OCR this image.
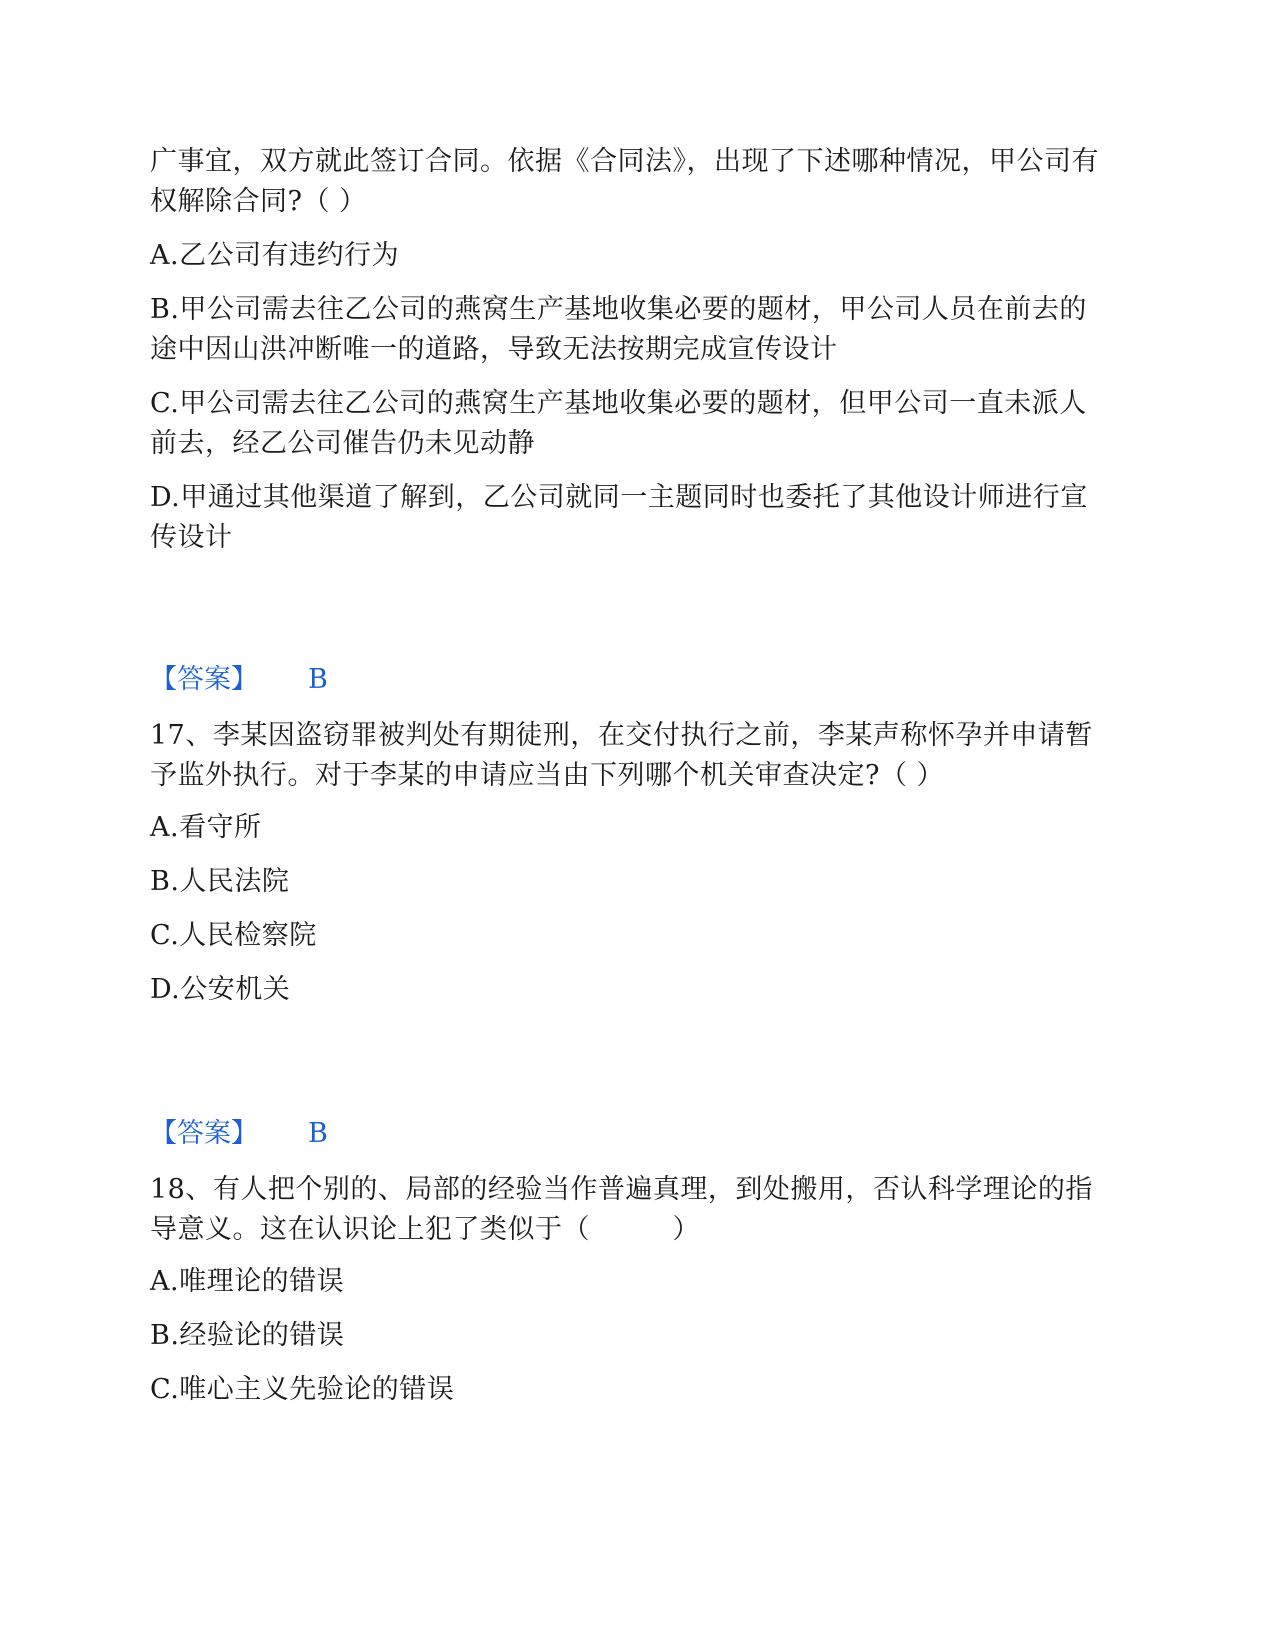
广事宜，双方就此签订合同。依据《合同法》，出现了下述哪种情况，甲公司有权解除合同?（ ）
A.乙公司有违约行为
B.甲公司需去往乙公司的燕窝生产基地收集必要的题材，甲公司人员在前去的途中因山洪冲断唯一的道路，导致无法按期完成宣传设计
C.甲公司需去往乙公司的燕窝生产基地收集必要的题材，但甲公司一直未派人前去，经乙公司催告仍未见动静
D.甲通过其他渠道了解到，乙公司就同一主题同时也委托了其他设计师进行宣传设计
【答案】 B
17、李某因盗窃罪被判处有期徒刑，在交付执行之前，李某声称怀孕并申请暂予监外执行。对于李某的申请应当由下列哪个机关审查决定?（ ）
A.看守所
B.人民法院
C.人民检察院
D.公安机关
【答案】 B
18、有人把个别的、局部的经验当作普遍真理，到处搬用，否认科学理论的指导意义。这在认识论上犯了类似于（　　　）
A.唯理论的错误
B.经验论的错误
C.唯心主义先验论的错误
